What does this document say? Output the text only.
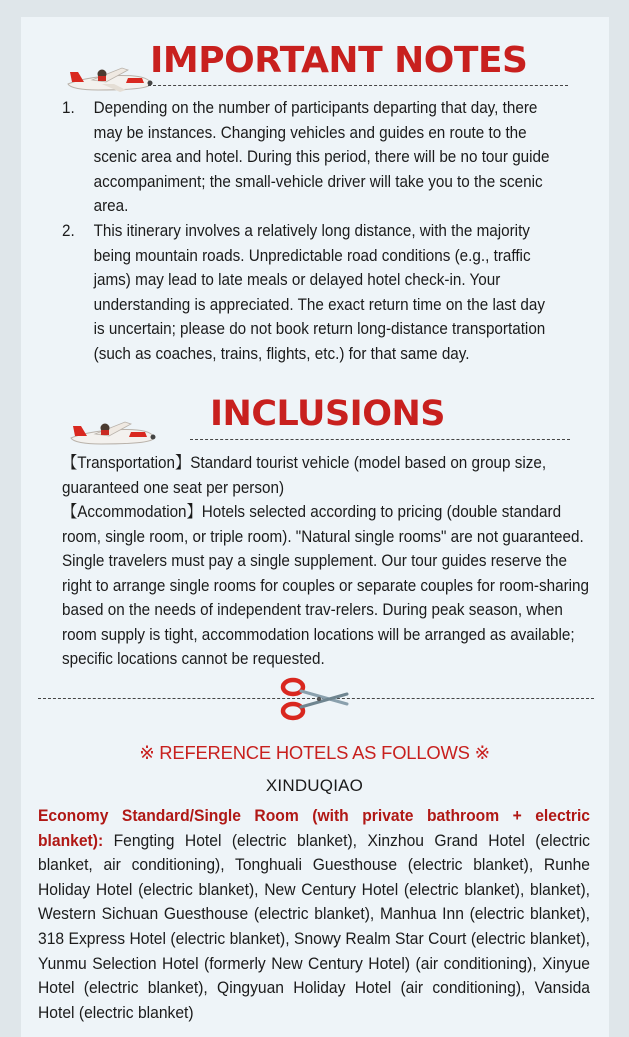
IMPORTANT NOTES
1. Depending on the number of participants departing that day, there may be instances. Changing vehicles and guides en route to the scenic area and hotel. During this period, there will be no tour guide accompaniment; the small-vehicle driver will take you to the scenic area.
2. This itinerary involves a relatively long distance, with the majority being mountain roads. Unpredictable road conditions (e.g., traffic jams) may lead to late meals or delayed hotel check-in. Your understanding is appreciated. The exact return time on the last day is uncertain; please do not book return long-distance transportation (such as coaches, trains, flights, etc.) for that same day.
INCLUSIONS

【Transportation】Standard tourist vehicle (model based on group size, guaranteed one seat per person)

【Accommodation】Hotels selected according to pricing (double standard room, single room, or triple room). "Natural single rooms" are not guaranteed. Single travelers must pay a single supplement. Our tour guides reserve the right to arrange single rooms for couples or separate couples for room-sharing based on the needs of independent trav-relers. During peak season, when room supply is tight, accommodation locations will be arranged as available; specific locations cannot be requested.

※ REFERENCE HOTELS AS FOLLOWS ※
XINDUQIAO
Economy Standard/Single Room (with private bathroom + electric blanket): Fengting Hotel (electric blanket), Xinzhou Grand Hotel (electric blanket, air conditioning), Tonghuali Guesthouse (electric blanket), Runhe Holiday Hotel (electric blanket), New Century Hotel (electric blanket), blanket), Western Sichuan Guesthouse (electric blanket), Manhua Inn (electric blanket), 318 Express Hotel (electric blanket), Snowy Realm Star Court (electric blanket), Yunmu Selection Hotel (formerly New Century Hotel) (air conditioning), Xinyue Hotel (electric blanket), Qingyuan Holiday Hotel (air conditioning), Vansida Hotel (electric blanket)
